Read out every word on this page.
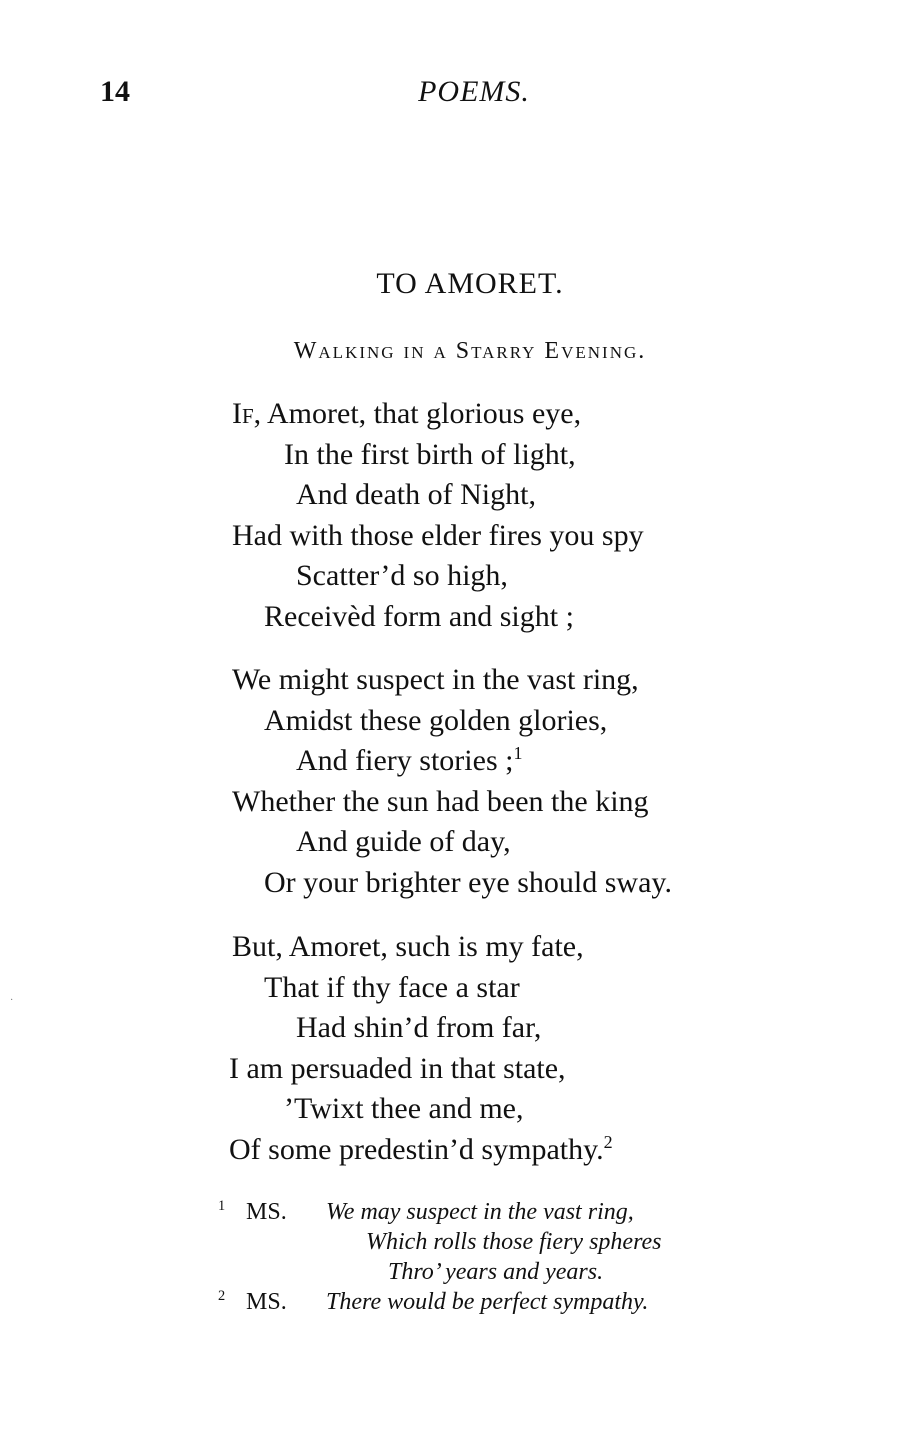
14	POEMS.
TO AMORET.
Walking in a Starry Evening.
If, Amoret, that glorious eye,
In the first birth of light,
And death of Night,
Had with those elder fires you spy
Scatter’d so high,
Receivèd form and sight ;
We might suspect in the vast ring,
Amidst these golden glories,
And fiery stories ;$^1$
Whether the sun had been the king
And guide of day,
Or your brighter eye should sway.
But, Amoret, such is my fate,
That if thy face a star
Had shin’d from far,
I am persuaded in that state,
’Twixt thee and me,
Of some predestin’d sympathy.$^2$
1 MS. We may suspect in the vast ring,
Which rolls those fiery spheres
Thro’ years and years.
2 MS. There would be perfect sympathy.
·
